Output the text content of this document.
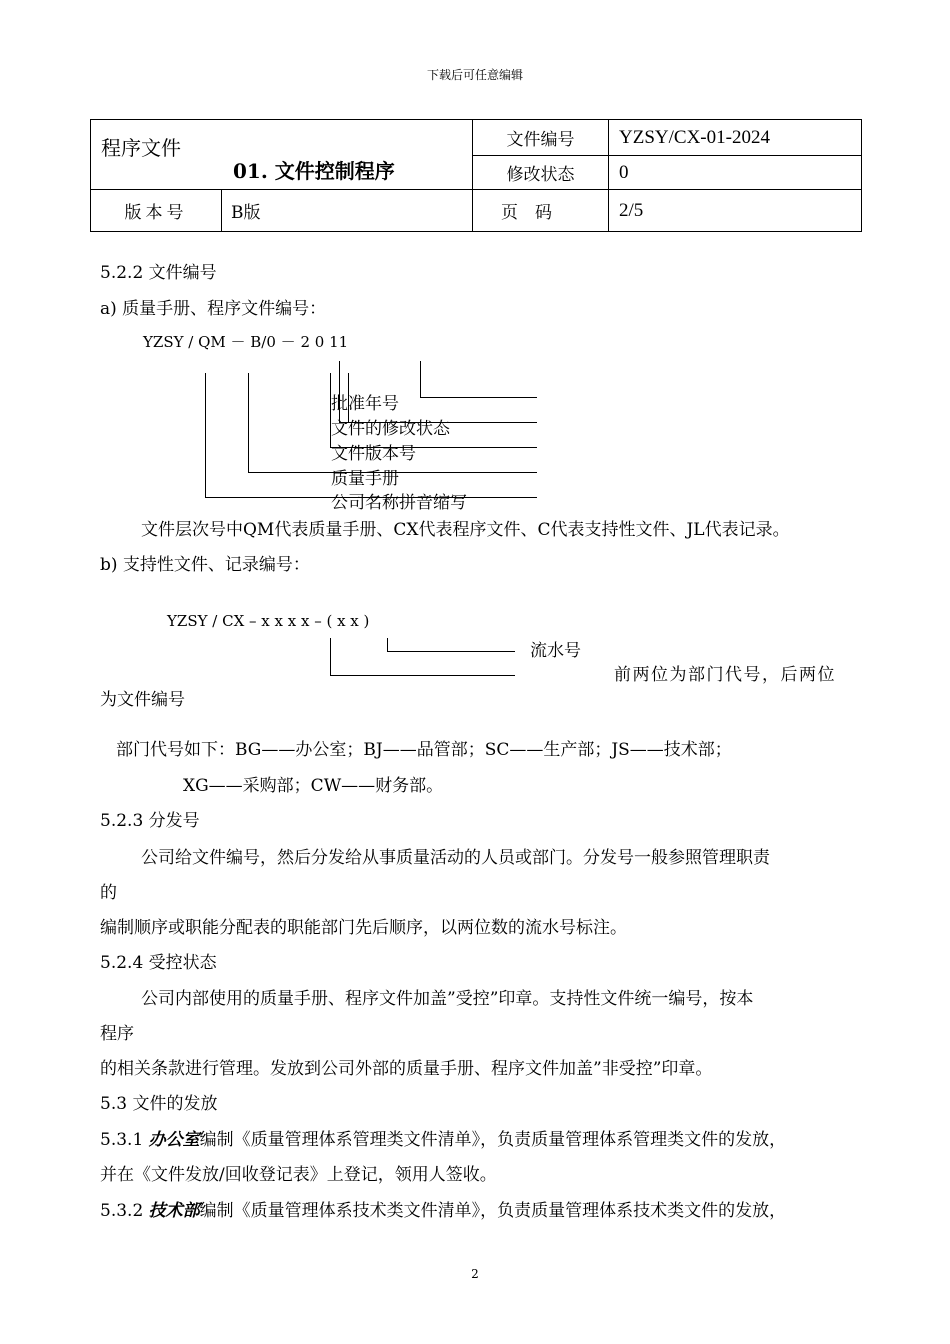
下载后可任意编辑
程序文件
01. 文件控制程序		文件编号	YZSY/CX-01-2024
		修改状态	0
版本号	B版	页　码	2/5
5.2.2 文件编号
a) 质量手册、程序文件编号：
YZSY / QM － B/0 － 2 0 11
批准年号
文件的修改状态
文件版本号
质量手册
公司名称拼音缩写
文件层次号中QM代表质量手册、CX代表程序文件、C代表支持性文件、JL代表记录。
b) 支持性文件、记录编号：
YZSY / CX – x x x x – ( x x )
流水号
前两位为部门代号，后两位
为文件编号
部门代号如下：BG——办公室；BJ——品管部；SC——生产部；JS——技术部；
XG——采购部；CW——财务部。
5.2.3 分发号
公司给文件编号，然后分发给从事质量活动的人员或部门。分发号一般参照管理职责
的
编制顺序或职能分配表的职能部门先后顺序，以两位数的流水号标注。
5.2.4 受控状态
公司内部使用的质量手册、程序文件加盖”受控”印章。支持性文件统一编号，按本
程序
的相关条款进行管理。发放到公司外部的质量手册、程序文件加盖”非受控”印章。
5.3 文件的发放
5.3.1 办公室编制《质量管理体系管理类文件清单》，负责质量管理体系管理类文件的发放，
并在《文件发放/回收登记表》上登记，领用人签收。
5.3.2 技术部编制《质量管理体系技术类文件清单》，负责质量管理体系技术类文件的发放，
2
